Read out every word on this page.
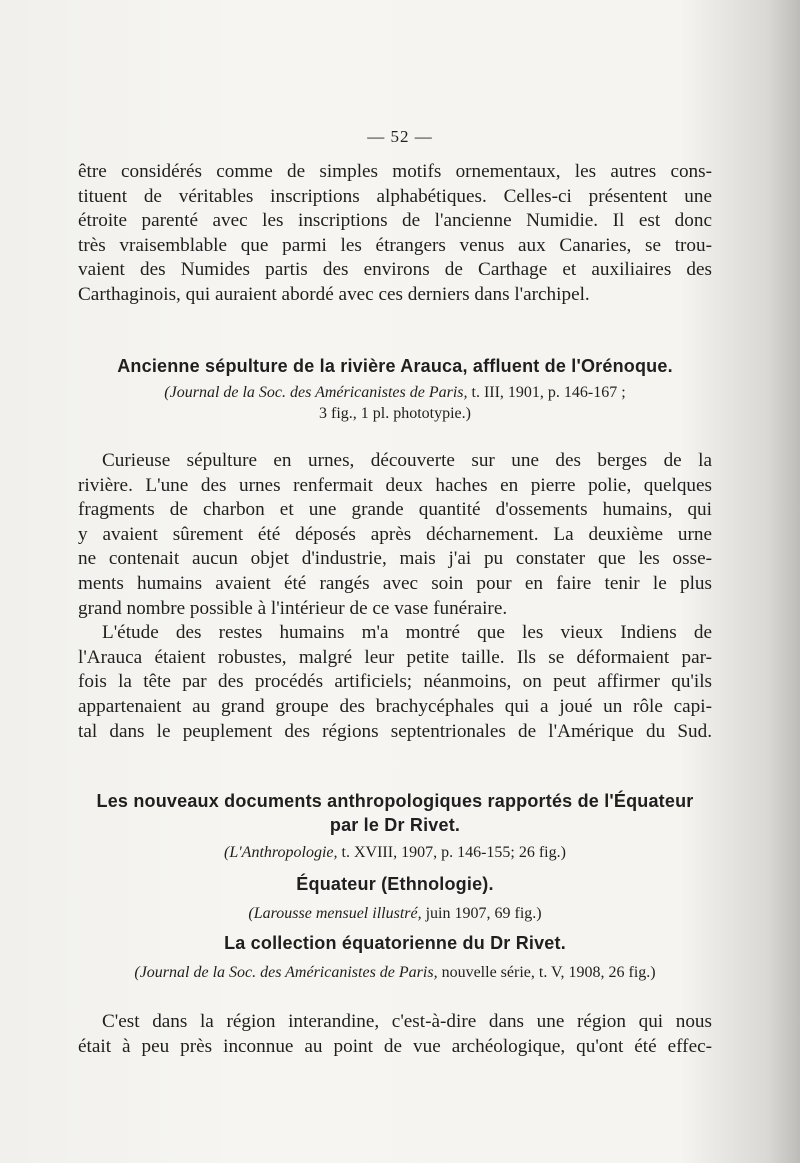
— 52 —
être considérés comme de simples motifs ornementaux, les autres cons-
tituent de véritables inscriptions alphabétiques. Celles-ci présentent une
étroite parenté avec les inscriptions de l'ancienne Numidie. Il est donc
très vraisemblable que parmi les étrangers venus aux Canaries, se trou-
vaient des Numides partis des environs de Carthage et auxiliaires des
Carthaginois, qui auraient abordé avec ces derniers dans l'archipel.
Ancienne sépulture de la rivière Arauca, affluent de l'Orénoque.

(Journal de la Soc. des Américanistes de Paris, t. III, 1901, p. 146-167 ;

3 fig., 1 pl. phototypie.)

Curieuse sépulture en urnes, découverte sur une des berges de la
rivière. L'une des urnes renfermait deux haches en pierre polie, quelques
fragments de charbon et une grande quantité d'ossements humains, qui
y avaient sûrement été déposés après décharnement. La deuxième urne
ne contenait aucun objet d'industrie, mais j'ai pu constater que les osse-
ments humains avaient été rangés avec soin pour en faire tenir le plus
grand nombre possible à l'intérieur de ce vase funéraire.
L'étude des restes humains m'a montré que les vieux Indiens de
l'Arauca étaient robustes, malgré leur petite taille. Ils se déformaient par-
fois la tête par des procédés artificiels; néanmoins, on peut affirmer qu'ils
appartenaient au grand groupe des brachycéphales qui a joué un rôle capi-
tal dans le peuplement des régions septentrionales de l'Amérique du Sud.
Les nouveaux documents anthropologiques rapportés de l'Équateur
par le Dr Rivet.

(L'Anthropologie, t. XVIII, 1907, p. 146-155; 26 fig.)

Équateur (Ethnologie).

(Larousse mensuel illustré, juin 1907, 69 fig.)

La collection équatorienne du Dr Rivet.

(Journal de la Soc. des Américanistes de Paris, nouvelle série, t. V, 1908, 26 fig.)

C'est dans la région interandine, c'est-à-dire dans une région qui nous
était à peu près inconnue au point de vue archéologique, qu'ont été effec-
